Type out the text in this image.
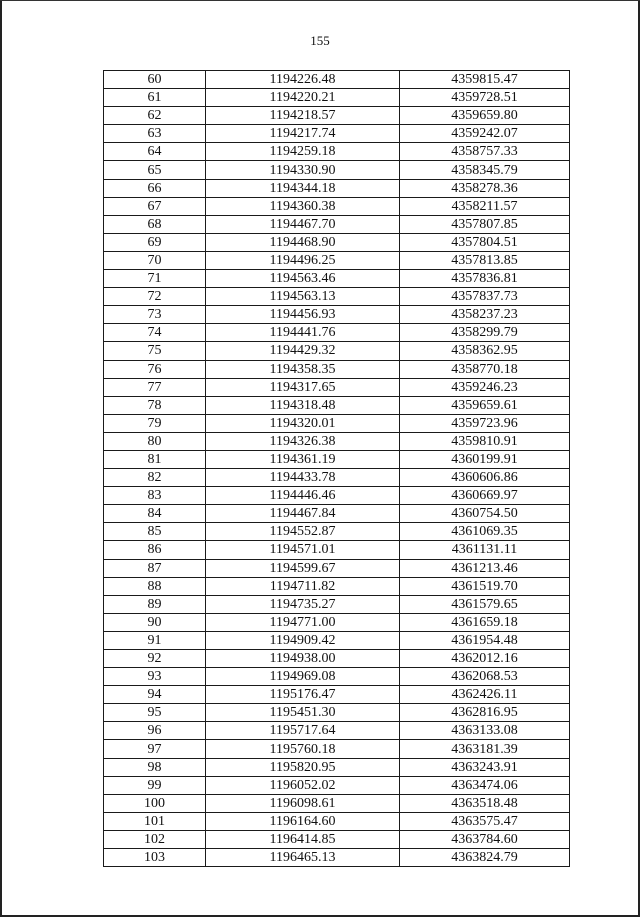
155
60	1194226.48	4359815.47
61	1194220.21	4359728.51
62	1194218.57	4359659.80
63	1194217.74	4359242.07
64	1194259.18	4358757.33
65	1194330.90	4358345.79
66	1194344.18	4358278.36
67	1194360.38	4358211.57
68	1194467.70	4357807.85
69	1194468.90	4357804.51
70	1194496.25	4357813.85
71	1194563.46	4357836.81
72	1194563.13	4357837.73
73	1194456.93	4358237.23
74	1194441.76	4358299.79
75	1194429.32	4358362.95
76	1194358.35	4358770.18
77	1194317.65	4359246.23
78	1194318.48	4359659.61
79	1194320.01	4359723.96
80	1194326.38	4359810.91
81	1194361.19	4360199.91
82	1194433.78	4360606.86
83	1194446.46	4360669.97
84	1194467.84	4360754.50
85	1194552.87	4361069.35
86	1194571.01	4361131.11
87	1194599.67	4361213.46
88	1194711.82	4361519.70
89	1194735.27	4361579.65
90	1194771.00	4361659.18
91	1194909.42	4361954.48
92	1194938.00	4362012.16
93	1194969.08	4362068.53
94	1195176.47	4362426.11
95	1195451.30	4362816.95
96	1195717.64	4363133.08
97	1195760.18	4363181.39
98	1195820.95	4363243.91
99	1196052.02	4363474.06
100	1196098.61	4363518.48
101	1196164.60	4363575.47
102	1196414.85	4363784.60
103	1196465.13	4363824.79
